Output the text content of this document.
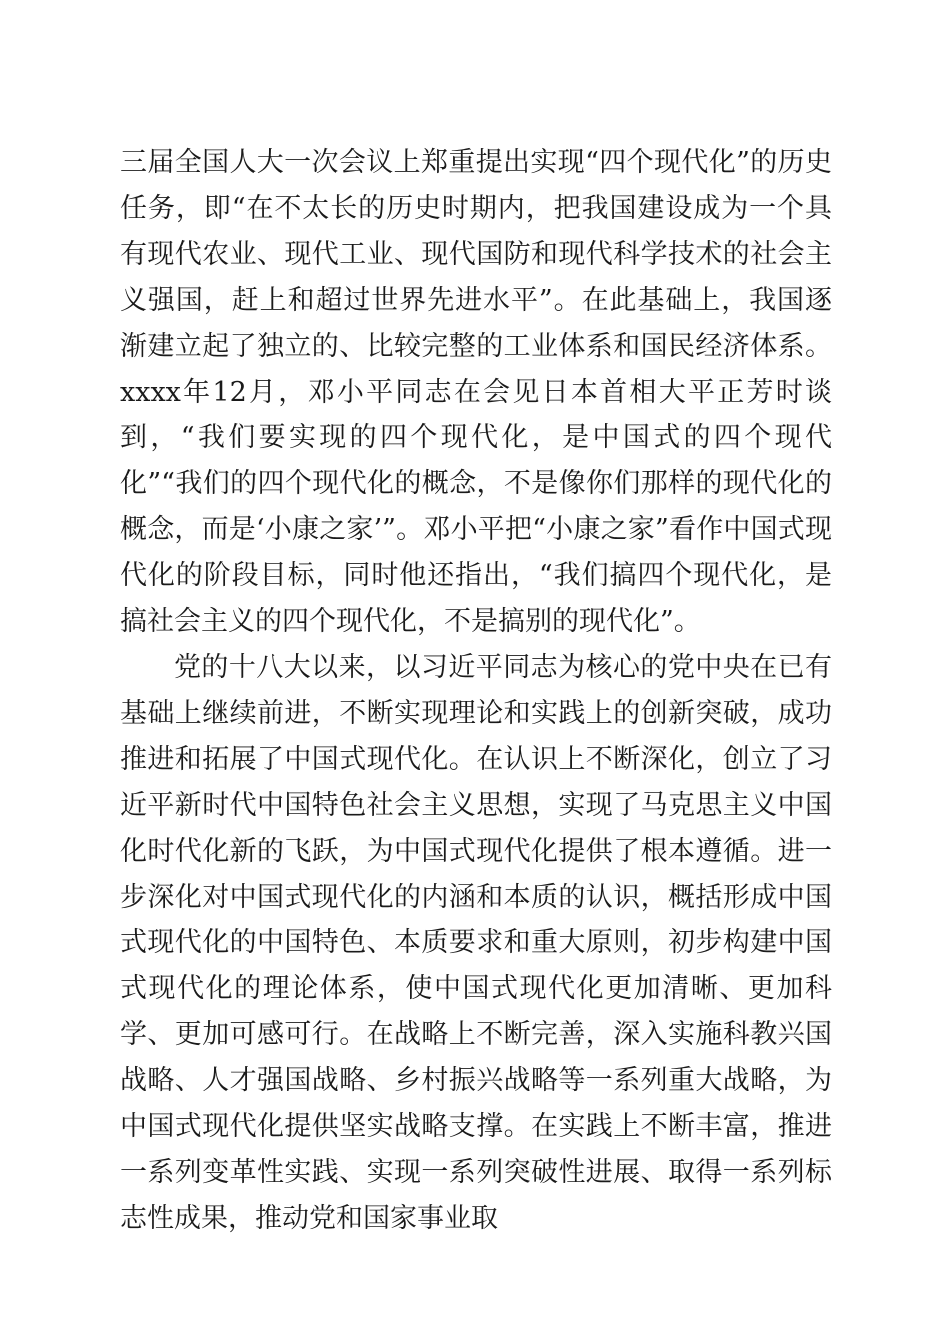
三届全国人大一次会议上郑重提出实现“四个现代化”的历史任务，即“在不太长的历史时期内，把我国建设成为一个具有现代农业、现代工业、现代国防和现代科学技术的社会主义强国，赶上和超过世界先进水平”。在此基础上，我国逐渐建立起了独立的、比较完整的工业体系和国民经济体系。xxxx年12月，邓小平同志在会见日本首相大平正芳时谈到，“我们要实现的四个现代化，是中国式的四个现代化”“我们的四个现代化的概念，不是像你们那样的现代化的概念，而是‘小康之家’”。邓小平把“小康之家”看作中国式现代化的阶段目标，同时他还指出，“我们搞四个现代化，是搞社会主义的四个现代化，不是搞别的现代化”。

党的十八大以来，以习近平同志为核心的党中央在已有基础上继续前进，不断实现理论和实践上的创新突破，成功推进和拓展了中国式现代化。在认识上不断深化，创立了习近平新时代中国特色社会主义思想，实现了马克思主义中国化时代化新的飞跃，为中国式现代化提供了根本遵循。进一步深化对中国式现代化的内涵和本质的认识，概括形成中国式现代化的中国特色、本质要求和重大原则，初步构建中国式现代化的理论体系，使中国式现代化更加清晰、更加科学、更加可感可行。在战略上不断完善，深入实施科教兴国战略、人才强国战略、乡村振兴战略等一系列重大战略，为中国式现代化提供坚实战略支撑。在实践上不断丰富，推进一系列变革性实践、实现一系列突破性进展、取得一系列标志性成果，推动党和国家事业取
